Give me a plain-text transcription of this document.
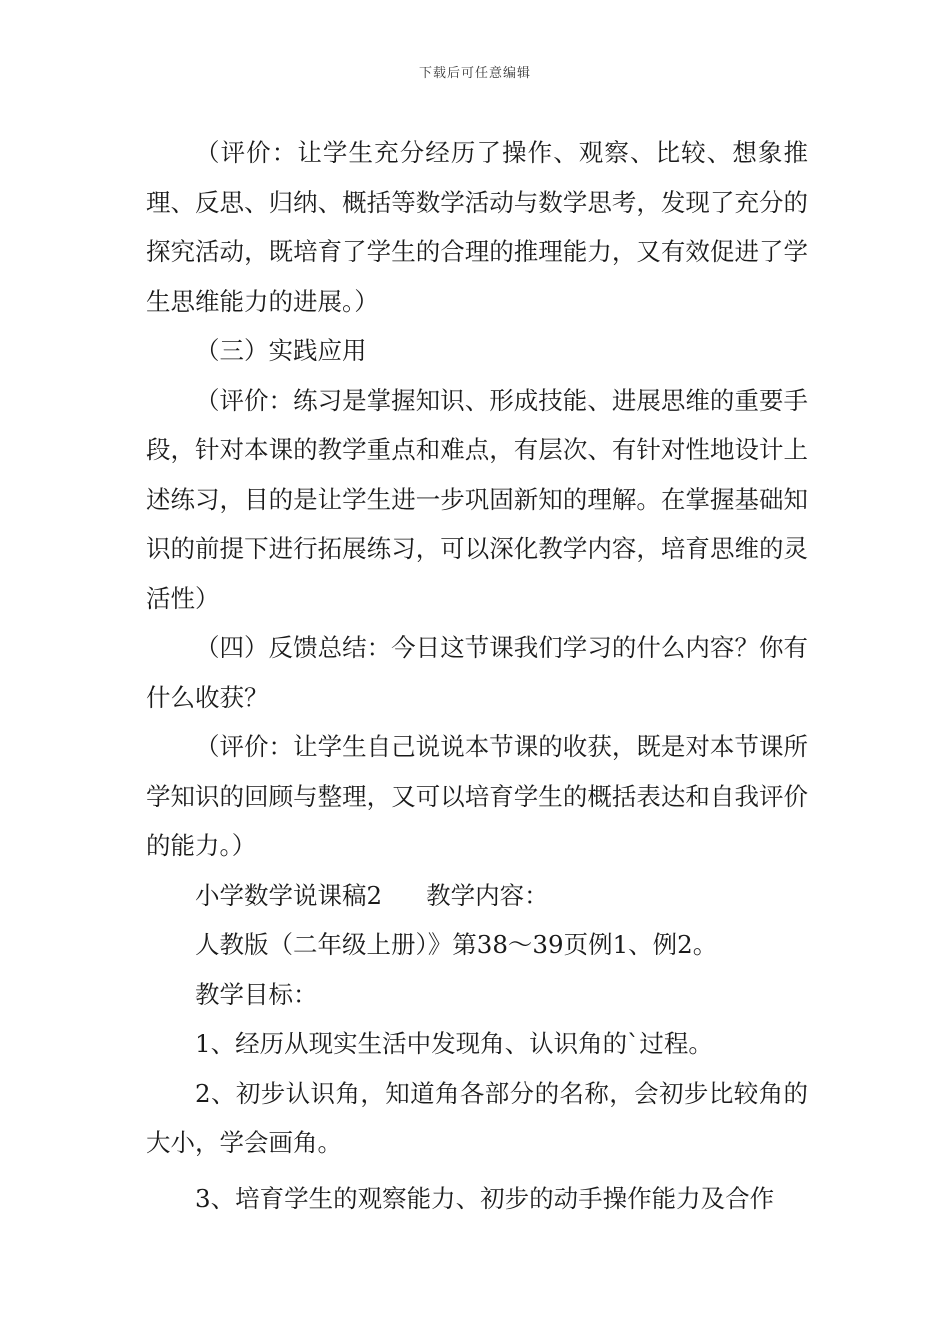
下载后可任意编辑

（评价：让学生充分经历了操作、观察、比较、想象推理、反思、归纳、概括等数学活动与数学思考，发现了充分的探究活动，既培育了学生的合理的推理能力，又有效促进了学生思维能力的进展。）

（三）实践应用

（评价：练习是掌握知识、形成技能、进展思维的重要手段，针对本课的教学重点和难点，有层次、有针对性地设计上述练习，目的是让学生进一步巩固新知的理解。在掌握基础知识的前提下进行拓展练习，可以深化教学内容，培育思维的灵活性）

（四）反馈总结：今日这节课我们学习的什么内容？你有什么收获？

（评价：让学生自己说说本节课的收获，既是对本节课所学知识的回顾与整理，又可以培育学生的概括表达和自我评价的能力。）

小学数学说课稿2 教学内容：

人教版（二年级上册）》第38～39页例1、例2。

教学目标：

1、经历从现实生活中发现角、认识角的`过程。

2、初步认识角，知道角各部分的名称，会初步比较角的大小，学会画角。

3、培育学生的观察能力、初步的动手操作能力及合作
